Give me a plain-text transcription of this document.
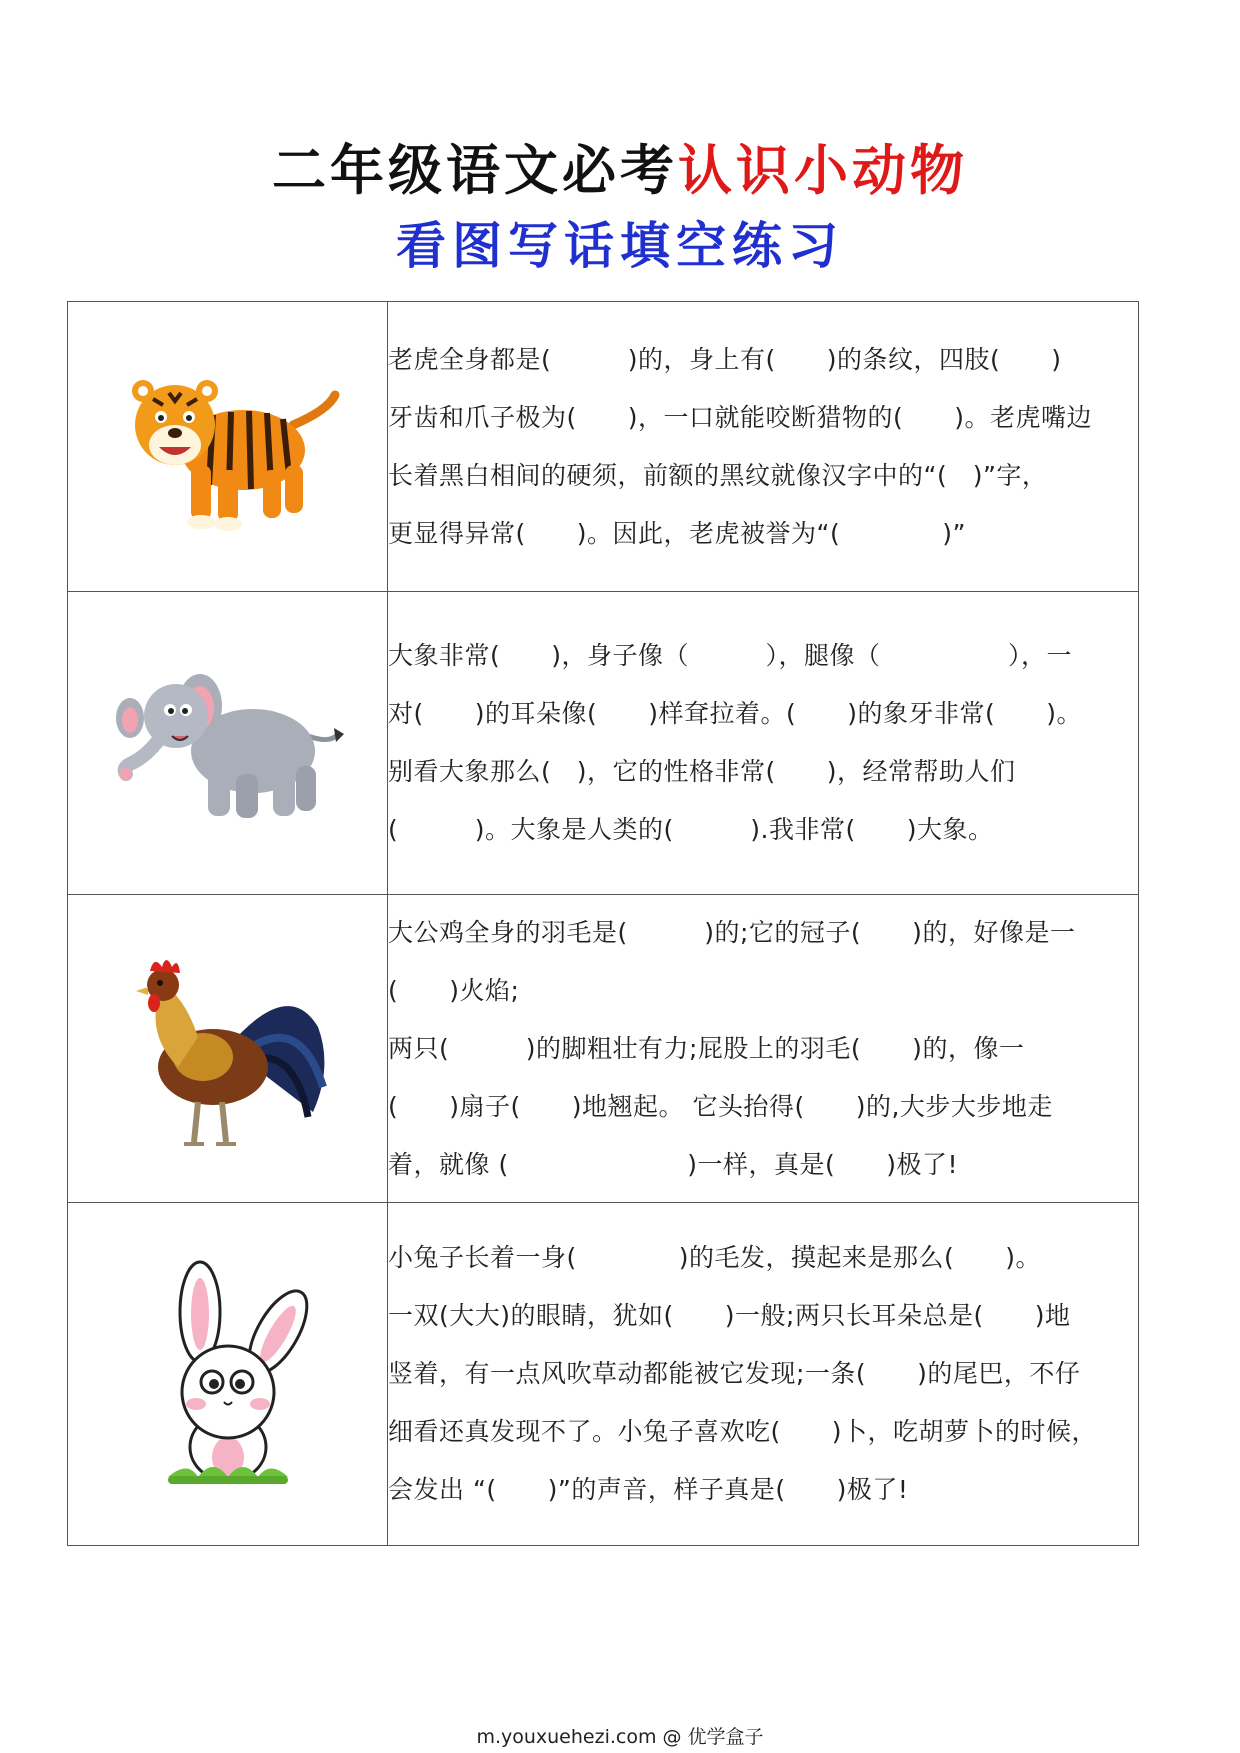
二年级语文必考认识小动物
看图写话填空练习

老虎全身都是(　　　)的，身上有(　　)的条纹，四肢(　　)
牙齿和爪子极为(　　)，一口就能咬断猎物的(　　)。老虎嘴边
长着黑白相间的硬须，前额的黑纹就像汉字中的“(　)”字，
更显得异常(　　)。因此，老虎被誉为“(　　　　)”

大象非常(　　)，身子像（　　　），腿像（　　　　　），一
对(　　)的耳朵像(　　)样耷拉着。(　　)的象牙非常(　　)。
别看大象那么(　)，它的性格非常(　　)，经常帮助人们
(　　　)。大象是人类的(　　　).我非常(　　)大象。

大公鸡全身的羽毛是(　　　)的;它的冠子(　　)的，好像是一
(　　)火焰;
两只(　　　)的脚粗壮有力;屁股上的羽毛(　　)的，像一
(　　)扇子(　　)地翘起。 它头抬得(　　)的,大步大步地走
着，就像 (　　　　　　　)一样，真是(　　)极了!

小兔子长着一身(　　　　)的毛发，摸起来是那么(　　)。
一双(大大)的眼睛，犹如(　　)一般;两只长耳朵总是(　　)地
竖着，有一点风吹草动都能被它发现;一条(　　)的尾巴，不仔
细看还真发现不了。小兔子喜欢吃(　　)卜，吃胡萝卜的时候，
会发出 “(　　)”的声音，样子真是(　　)极了!
m.youxuehezi.com @ 优学盒子
